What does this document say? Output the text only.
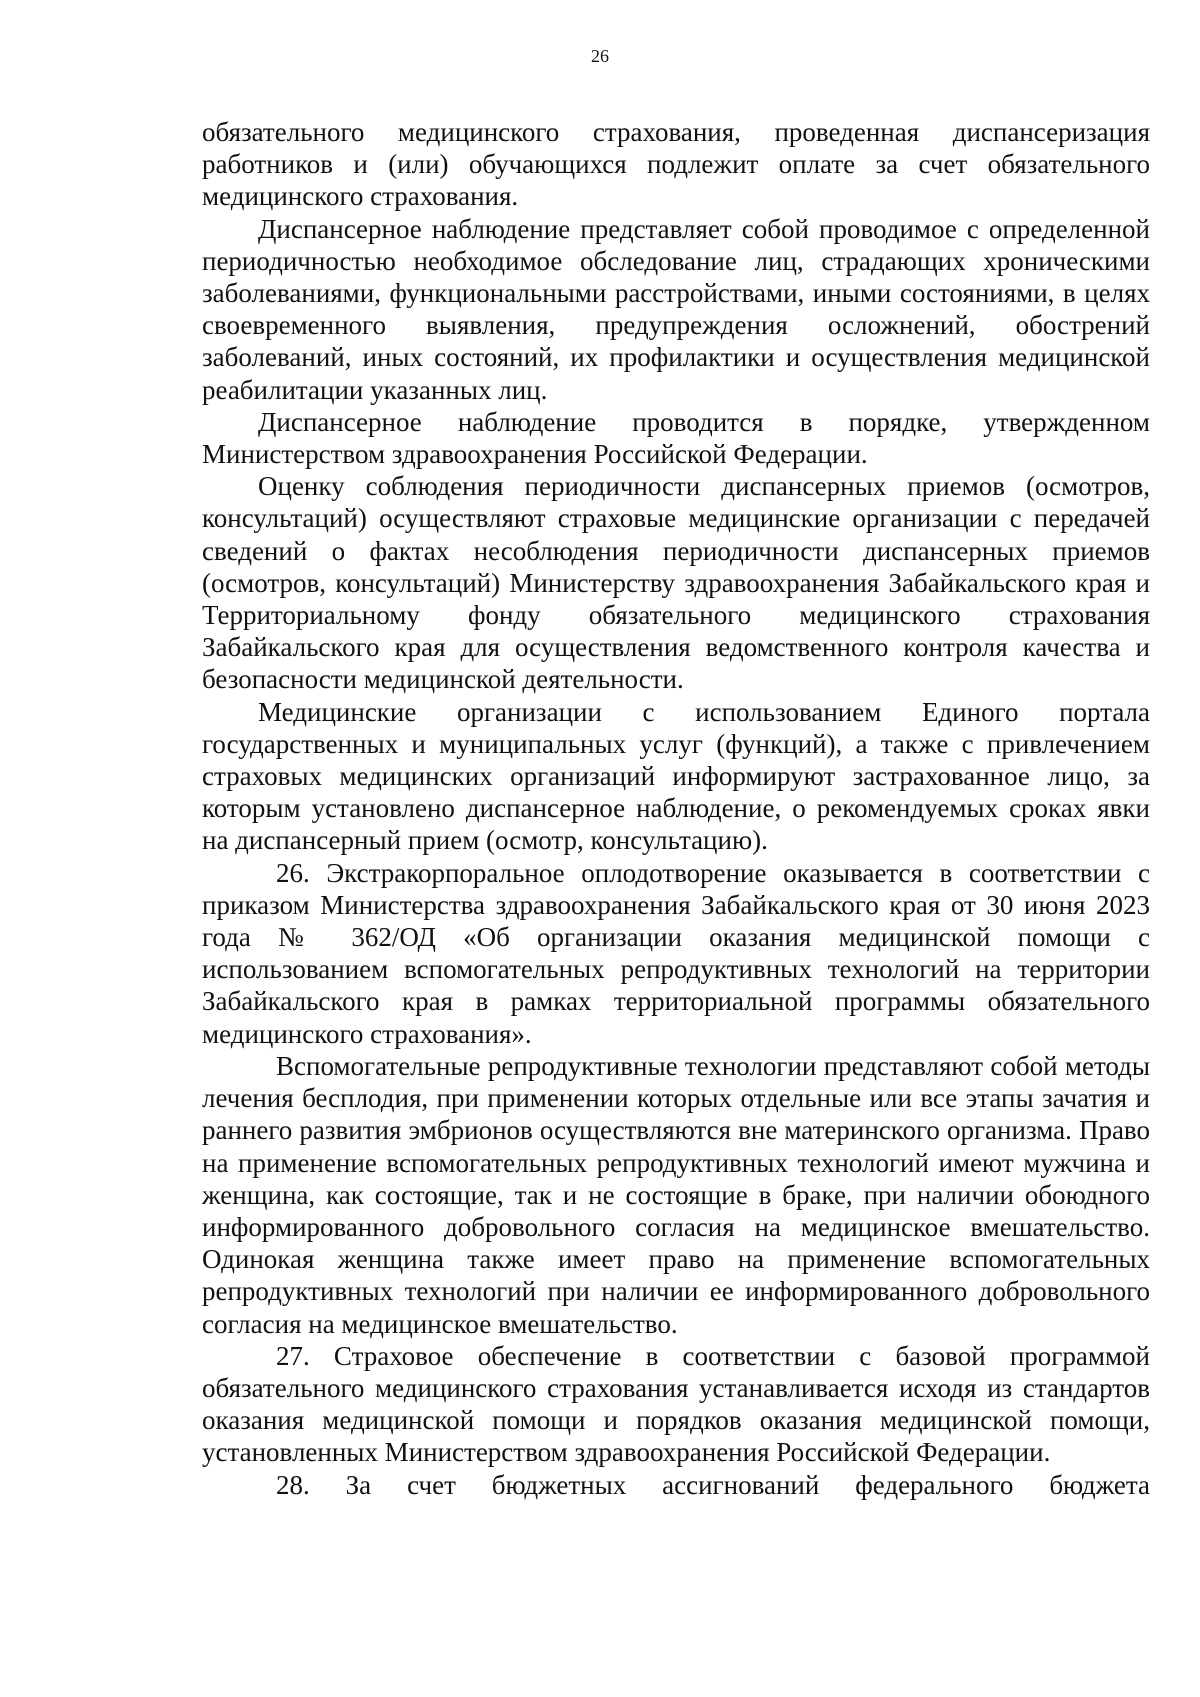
26

обязательного медицинского страхования, проведенная диспансеризация работников и (или) обучающихся подлежит оплате за счет обязательного медицинского страхования.

Диспансерное наблюдение представляет собой проводимое с определенной периодичностью необходимое обследование лиц, страдающих хроническими заболеваниями, функциональными расстройствами, иными состояниями, в целях своевременного выявления, предупреждения осложнений, обострений заболеваний, иных состояний, их профилактики и осуществления медицинской реабилитации указанных лиц.

Диспансерное наблюдение проводится в порядке, утвержденном Министерством здравоохранения Российской Федерации.

Оценку соблюдения периодичности диспансерных приемов (осмотров, консультаций) осуществляют страховые медицинские организации с передачей сведений о фактах несоблюдения периодичности диспансерных приемов (осмотров, консультаций) Министерству здравоохранения Забайкальского края и Территориальному фонду обязательного медицинского страхования Забайкальского края для осуществления ведомственного контроля качества и безопасности медицинской деятельности.

Медицинские организации с использованием Единого портала государственных и муниципальных услуг (функций), а также с привлечением страховых медицинских организаций информируют застрахованное лицо, за которым установлено диспансерное наблюдение, о рекомендуемых сроках явки на диспансерный прием (осмотр, консультацию).

26. Экстракорпоральное оплодотворение оказывается в соответствии с приказом Министерства здравоохранения Забайкальского края от 30 июня 2023 года № 362/ОД «Об организации оказания медицинской помощи с использованием вспомогательных репродуктивных технологий на территории Забайкальского края в рамках территориальной программы обязательного медицинского страхования».

Вспомогательные репродуктивные технологии представляют собой методы лечения бесплодия, при применении которых отдельные или все этапы зачатия и раннего развития эмбрионов осуществляются вне материнского организма. Право на применение вспомогательных репродуктивных технологий имеют мужчина и женщина, как состоящие, так и не состоящие в браке, при наличии обоюдного информированного добровольного согласия на медицинское вмешательство. Одинокая женщина также имеет право на применение вспомогательных репродуктивных технологий при наличии ее информированного добровольного согласия на медицинское вмешательство.

27. Страховое обеспечение в соответствии с базовой программой обязательного медицинского страхования устанавливается исходя из стандартов оказания медицинской помощи и порядков оказания медицинской помощи, установленных Министерством здравоохранения Российской Федерации.

28. За счет бюджетных ассигнований федерального бюджета
